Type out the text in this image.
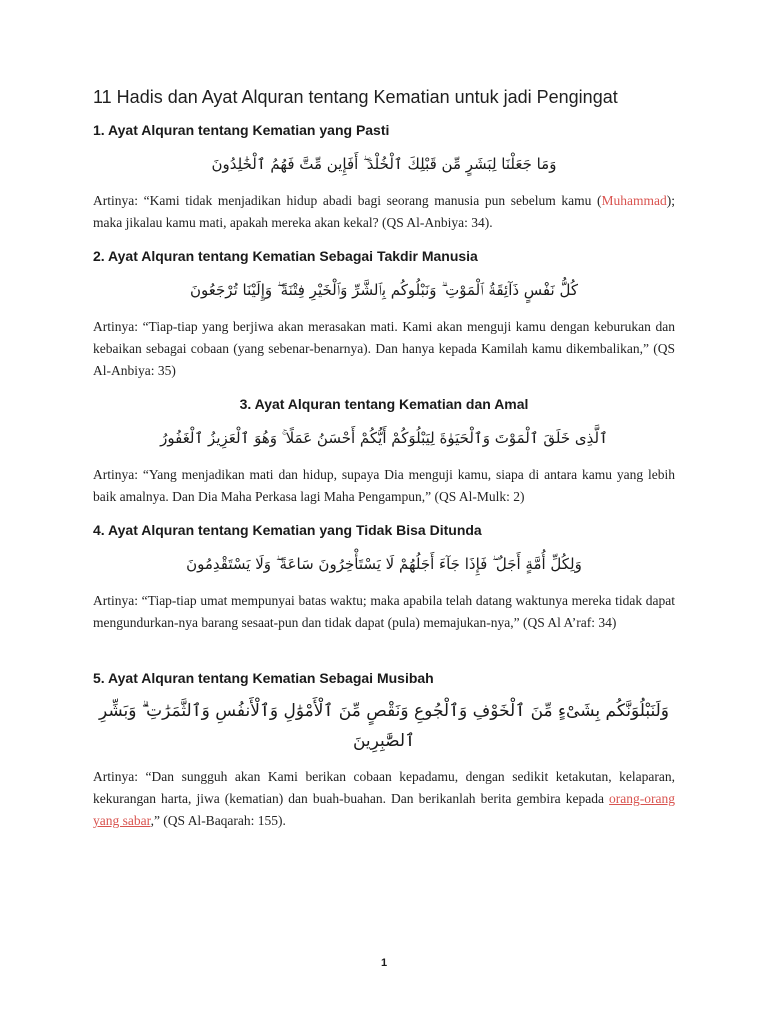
11 Hadis dan Ayat Alquran tentang Kematian untuk jadi Pengingat
1. Ayat Alquran tentang Kematian yang Pasti

وَمَا جَعَلْنَا لِبَشَرٍ مِّن قَبْلِكَ ٱلْخُلْدَ ۖ أَفَإِين مِّتَّ فَهُمُ ٱلْخَٰلِدُونَ

Artinya: “Kami tidak menjadikan hidup abadi bagi seorang manusia pun sebelum kamu (Muhammad); maka jikalau kamu mati, apakah mereka akan kekal? (QS Al-Anbiya: 34).

2. Ayat Alquran tentang Kematian Sebagai Takdir Manusia

كُلُّ نَفْسٍ ذَآئِقَةُ ٱلْمَوْتِ ۗ وَنَبْلُوكُم بِٱلشَّرِّ وَٱلْخَيْرِ فِتْنَةً ۖ وَإِلَيْنَا تُرْجَعُونَ

Artinya: “Tiap-tiap yang berjiwa akan merasakan mati. Kami akan menguji kamu dengan keburukan dan kebaikan sebagai cobaan (yang sebenar-benarnya). Dan hanya kepada Kamilah kamu dikembalikan,” (QS Al-Anbiya: 35)

3. Ayat Alquran tentang Kematian dan Amal

ٱلَّذِى خَلَقَ ٱلْمَوْتَ وَٱلْحَيَوٰةَ لِيَبْلُوَكُمْ أَيُّكُمْ أَحْسَنُ عَمَلًا ۚ وَهُوَ ٱلْعَزِيزُ ٱلْغَفُورُ

Artinya: “Yang menjadikan mati dan hidup, supaya Dia menguji kamu, siapa di antara kamu yang lebih baik amalnya. Dan Dia Maha Perkasa lagi Maha Pengampun,” (QS Al-Mulk: 2)

4. Ayat Alquran tentang Kematian yang Tidak Bisa Ditunda

وَلِكُلِّ أُمَّةٍ أَجَلٌ ۖ فَإِذَا جَآءَ أَجَلُهُمْ لَا يَسْتَأْخِرُونَ سَاعَةً ۖ وَلَا يَسْتَقْدِمُونَ

Artinya: “Tiap-tiap umat mempunyai batas waktu; maka apabila telah datang waktunya mereka tidak dapat mengundurkan-nya barang sesaat-pun dan tidak dapat (pula) memajukan-nya,” (QS Al A’raf: 34)

5. Ayat Alquran tentang Kematian Sebagai Musibah

وَلَنَبْلُوَنَّكُم بِشَىْءٍ مِّنَ ٱلْخَوْفِ وَٱلْجُوعِ وَنَقْصٍ مِّنَ ٱلْأَمْوَٰلِ وَٱلْأَنفُسِ وَٱلثَّمَرَٰتِ ۗ وَبَشِّرِ ٱلصَّٰبِرِينَ

Artinya: “Dan sungguh akan Kami berikan cobaan kepadamu, dengan sedikit ketakutan, kelaparan, kekurangan harta, jiwa (kematian) dan buah-buahan. Dan berikanlah berita gembira kepada orang-orang yang sabar,” (QS Al-Baqarah: 155).

1
